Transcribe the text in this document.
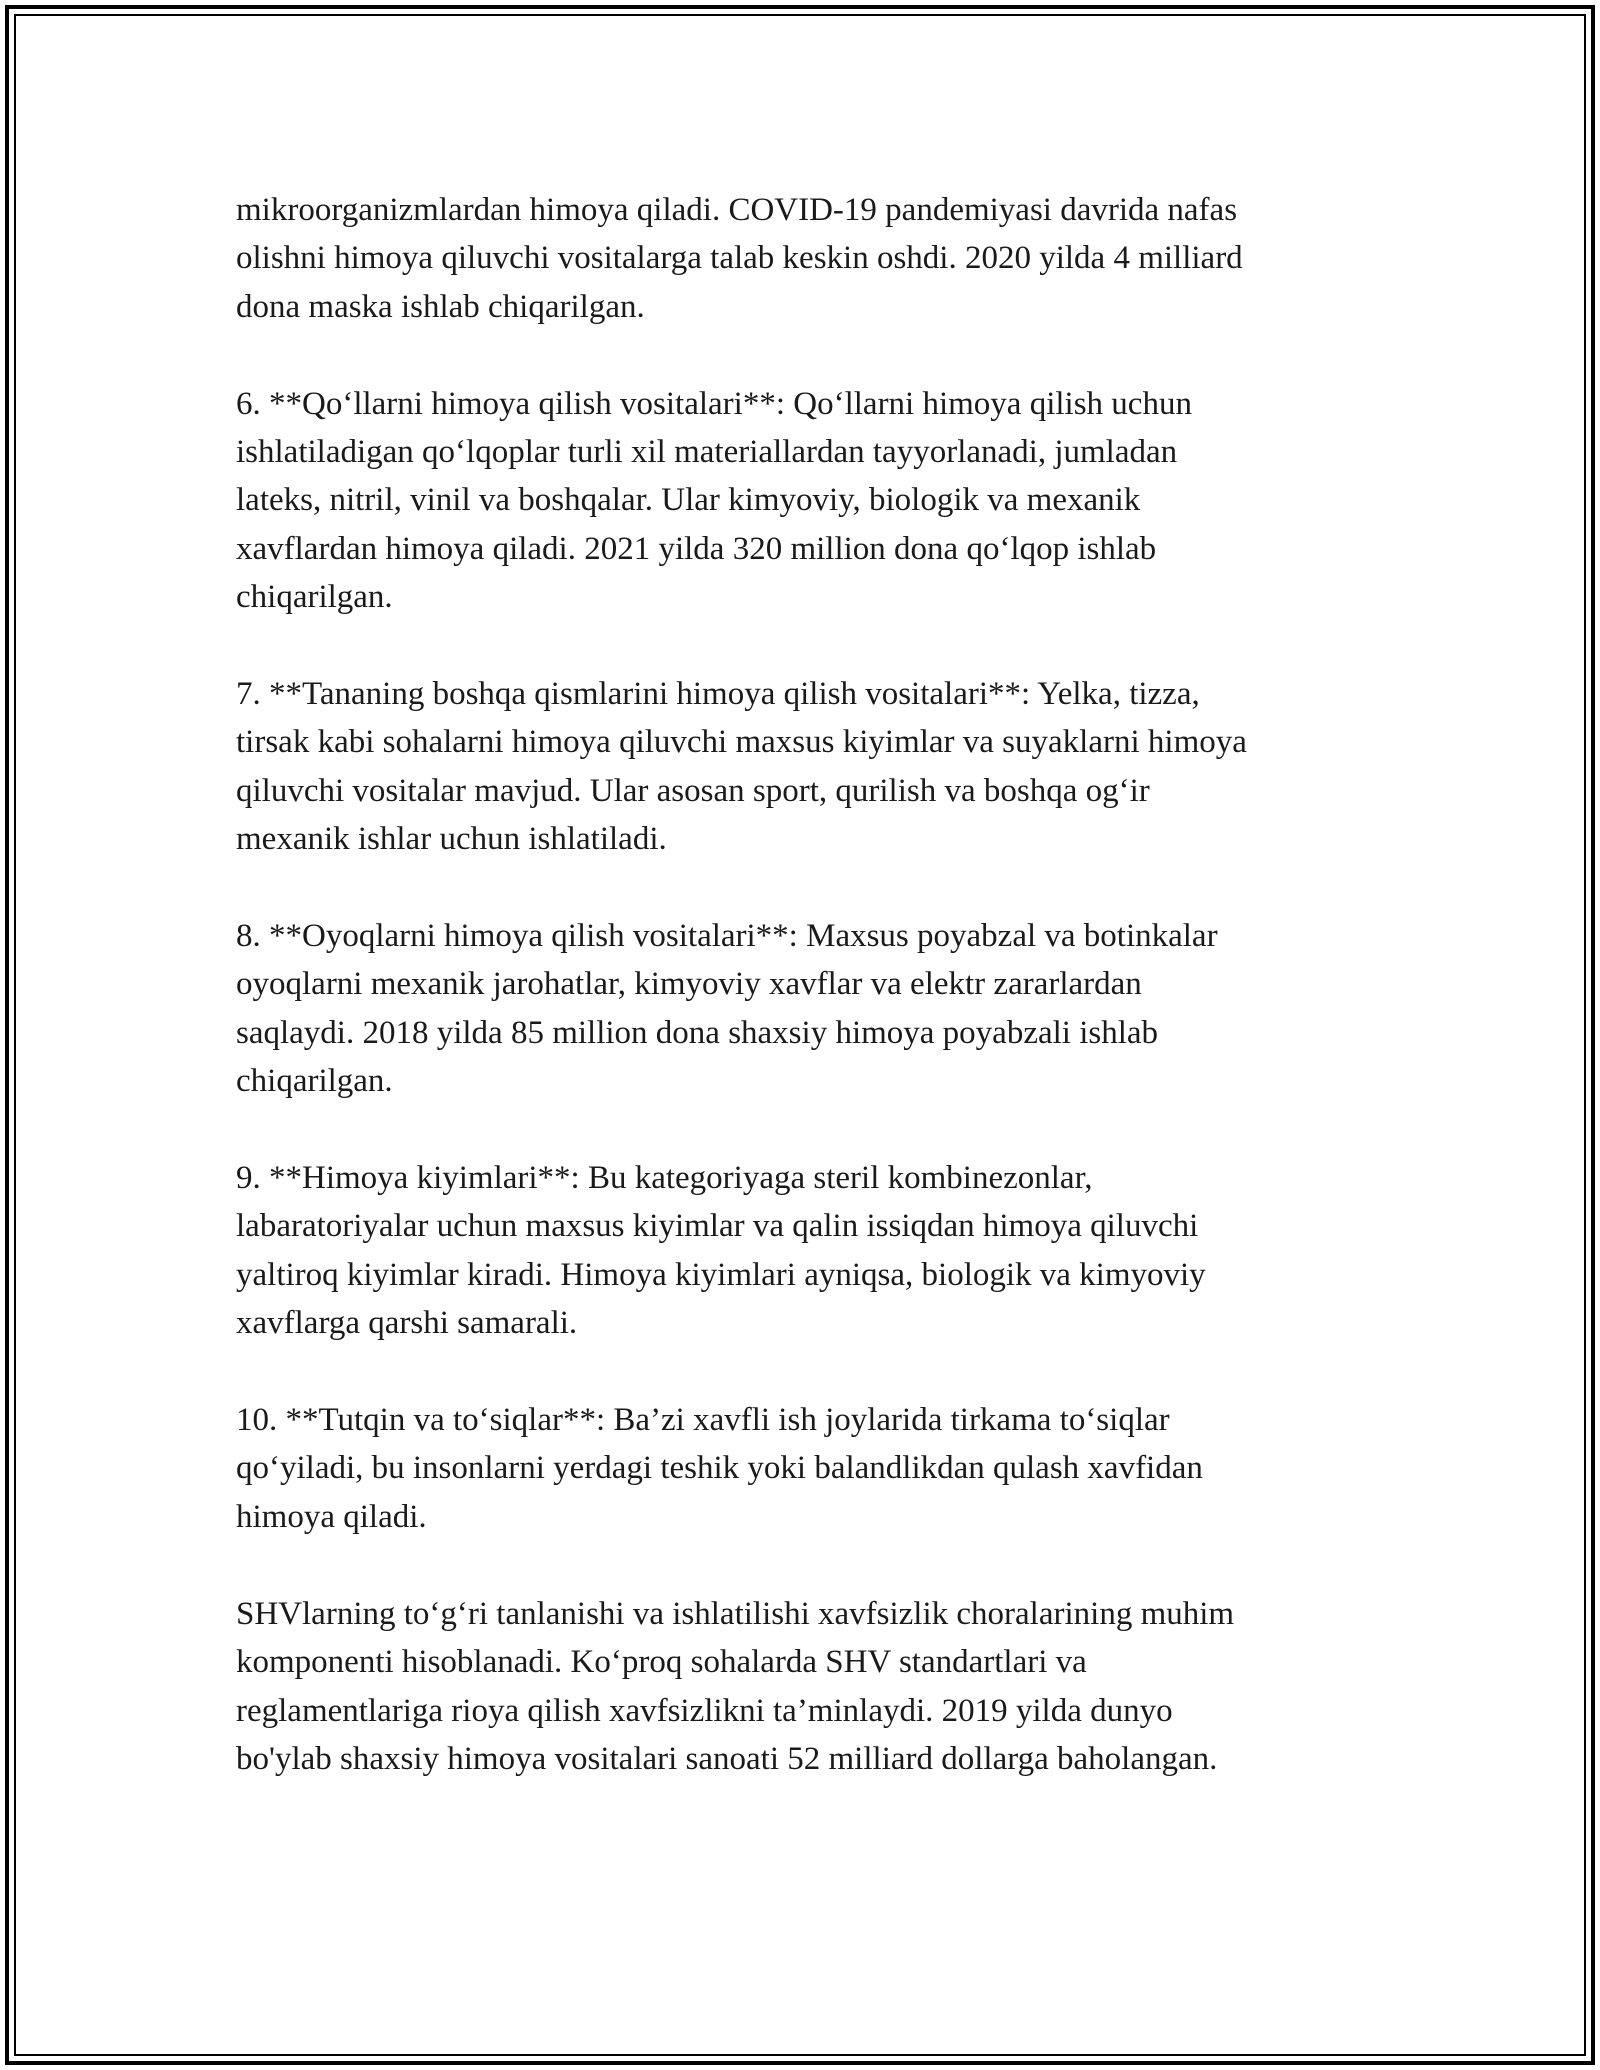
mikroorganizmlardan himoya qiladi. COVID-19 pandemiyasi davrida nafas
olishni himoya qiluvchi vositalarga talab keskin oshdi. 2020 yilda 4 milliard
dona maska ishlab chiqarilgan.

6. **Qo‘llarni himoya qilish vositalari**: Qo‘llarni himoya qilish uchun
ishlatiladigan qo‘lqoplar turli xil materiallardan tayyorlanadi, jumladan
lateks, nitril, vinil va boshqalar. Ular kimyoviy, biologik va mexanik
xavflardan himoya qiladi. 2021 yilda 320 million dona qo‘lqop ishlab
chiqarilgan.

7. **Tananing boshqa qismlarini himoya qilish vositalari**: Yelka, tizza,
tirsak kabi sohalarni himoya qiluvchi maxsus kiyimlar va suyaklarni himoya
qiluvchi vositalar mavjud. Ular asosan sport, qurilish va boshqa og‘ir
mexanik ishlar uchun ishlatiladi.

8. **Oyoqlarni himoya qilish vositalari**: Maxsus poyabzal va botinkalar
oyoqlarni mexanik jarohatlar, kimyoviy xavflar va elektr zararlardan
saqlaydi. 2018 yilda 85 million dona shaxsiy himoya poyabzali ishlab
chiqarilgan.

9. **Himoya kiyimlari**: Bu kategoriyaga steril kombinezonlar,
labaratoriyalar uchun maxsus kiyimlar va qalin issiqdan himoya qiluvchi
yaltiroq kiyimlar kiradi. Himoya kiyimlari ayniqsa, biologik va kimyoviy
xavflarga qarshi samarali.

10. **Tutqin va to‘siqlar**: Ba’zi xavfli ish joylarida tirkama to‘siqlar
qo‘yiladi, bu insonlarni yerdagi teshik yoki balandlikdan qulash xavfidan
himoya qiladi.

SHVlarning to‘g‘ri tanlanishi va ishlatilishi xavfsizlik choralarining muhim
komponenti hisoblanadi. Ko‘proq sohalarda SHV standartlari va
reglamentlariga rioya qilish xavfsizlikni ta’minlaydi. 2019 yilda dunyo
bo'ylab shaxsiy himoya vositalari sanoati 52 milliard dollarga baholangan.
